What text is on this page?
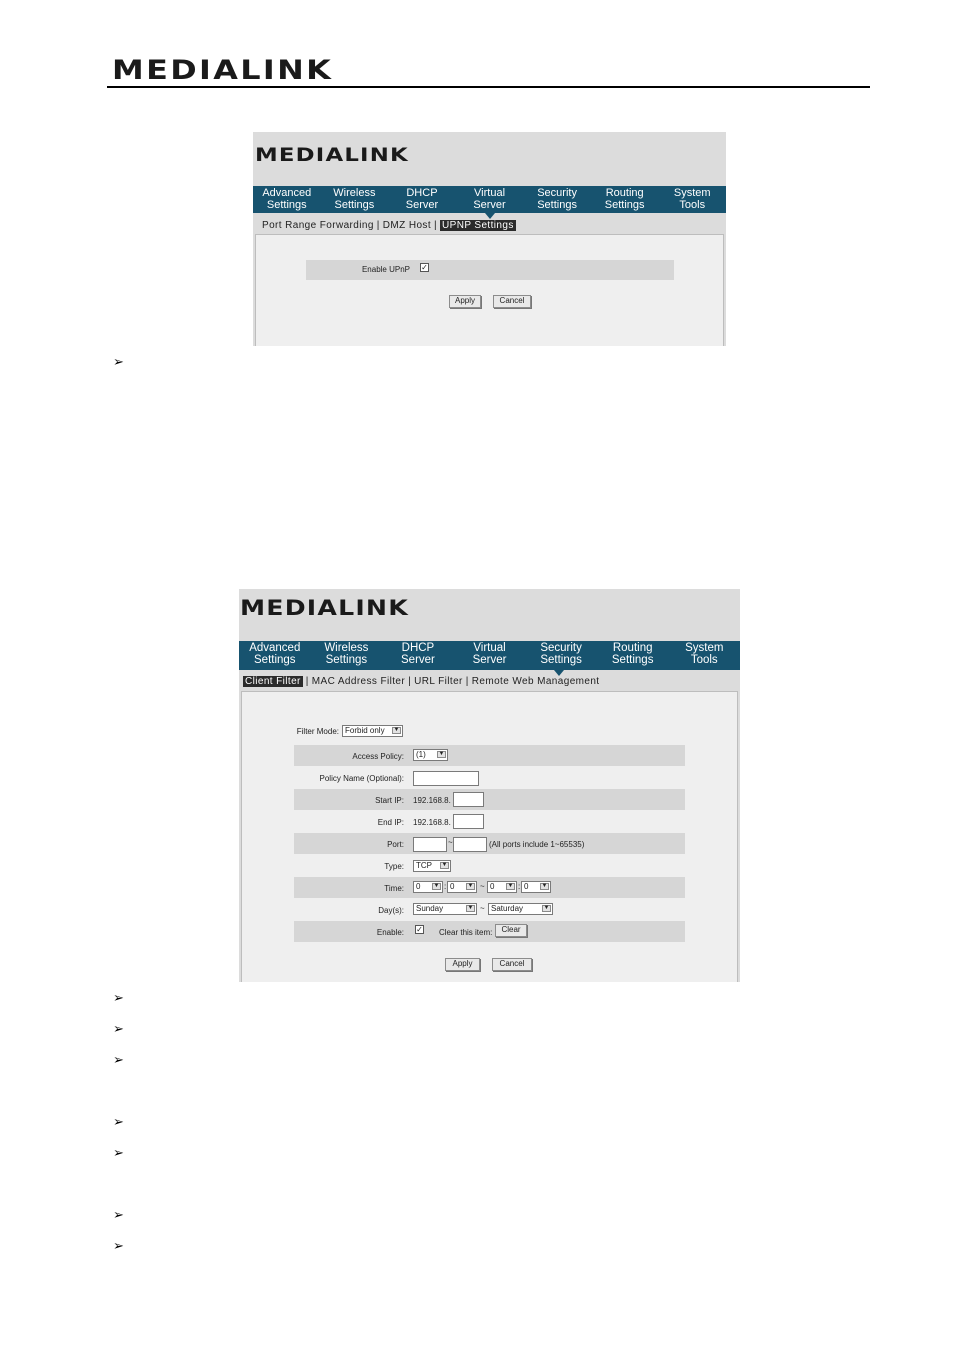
MEDIALINK
MEDIALINK
Advanced
Settings
Wireless
Settings
DHCP
Server
Virtual
Server
Security
Settings
Routing
Settings
System
Tools
Port Range Forwarding | DMZ Host | UPNP Settings
Enable UPnP ✓
Apply	Cancel
➢
MEDIALINK
Advanced
Settings
Wireless
Settings
DHCP
Server
Virtual
Server
Security
Settings
Routing
Settings
System
Tools
Client Filter | MAC Address Filter | URL Filter | Remote Web Management
Filter Mode: Forbid only ▼
Access Policy:	(1) ▼
Policy Name (Optional):
Start IP: 192.168.8.
End IP: 192.168.8.
Port:	~	(All ports include 1~65535)
Type:	TCP ▼
Time:	0 ▼ : 0 ▼ ~ 0 ▼ : 0 ▼
Day(s):	Sunday	▼ ~ Saturday	▼
Enable: ✓ Clear this item:	Clear
Apply	Cancel
➢
➢
➢
➢
➢
➢
➢
